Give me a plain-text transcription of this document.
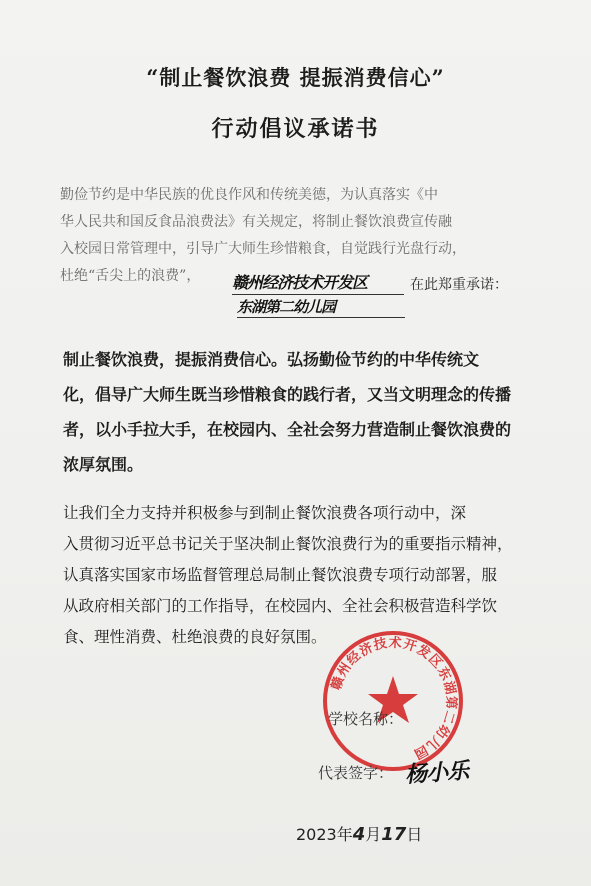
“制止餐饮浪费 提振消费信心”
行动倡议承诺书
勤俭节约是中华民族的优良作风和传统美德，为认真落实《中
华人民共和国反食品浪费法》有关规定，将制止餐饮浪费宣传融
入校园日常管理中，引导广大师生珍惜粮食，自觉践行光盘行动，
杜绝“舌尖上的浪费”，	赣州经济技术开发区	在此郑重承诺：
东湖第二幼儿园
制止餐饮浪费，提振消费信心。弘扬勤俭节约的中华传统文
化，倡导广大师生既当珍惜粮食的践行者，又当文明理念的传播
者，以小手拉大手，在校园内、全社会努力营造制止餐饮浪费的
浓厚氛围。
让我们全力支持并积极参与到制止餐饮浪费各项行动中，深
入贯彻习近平总书记关于坚决制止餐饮浪费行为的重要指示精神，
认真落实国家市场监督管理总局制止餐饮浪费专项行动部署，服
从政府相关部门的工作指导，在校园内、全社会积极营造科学饮
食、理性消费、杜绝浪费的良好氛围。
赣州经济技术开发区东湖第二幼儿园
学校名称：
代表签字： 杨小乐
2023年4月17日
